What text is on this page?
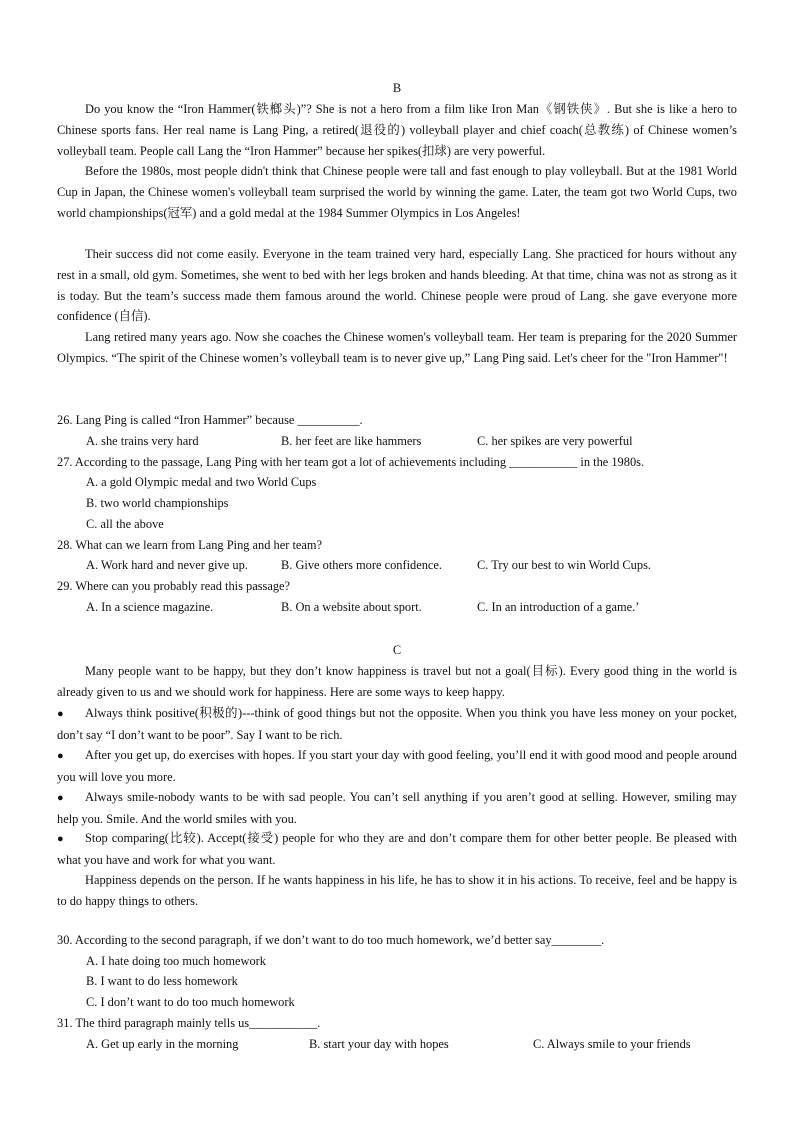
B

Do you know the “Iron Hammer(铁榔头)”? She is not a hero from a film like Iron Man《钢铁侠》. But she is like a hero to Chinese sports fans. Her real name is Lang Ping, a retired(退役的) volleyball player and chief coach(总教练) of Chinese women’s volleyball team. People call Lang the “Iron Hammer” because her spikes(扣球) are very powerful.

Before the 1980s, most people didn't think that Chinese people were tall and fast enough to play volleyball. But at the 1981 World Cup in Japan, the Chinese women's volleyball team surprised the world by winning the game. Later, the team got two World Cups, two world championships(冠军) and a gold medal at the 1984 Summer Olympics in Los Angeles!

Their success did not come easily. Everyone in the team trained very hard, especially Lang. She practiced for hours without any rest in a small, old gym. Sometimes, she went to bed with her legs broken and hands bleeding. At that time, china was not as strong as it is today. But the team’s success made them famous around the world. Chinese people were proud of Lang. she gave everyone more confidence (自信).

Lang retired many years ago. Now she coaches the Chinese women's volleyball team. Her team is preparing for the 2020 Summer Olympics. “The spirit of the Chinese women’s volleyball team is to never give up,” Lang Ping said. Let's cheer for the "Iron Hammer"!

26. Lang Ping is called “Iron Hammer” because __________.
A. she trains very hard	B. her feet are like hammers	C. her spikes are very powerful
27. According to the passage, Lang Ping with her team got a lot of achievements including ___________ in the 1980s.
A. a gold Olympic medal and two World Cups
B. two world championships
C. all the above
28. What can we learn from Lang Ping and her team?
A. Work hard and never give up.	B. Give others more confidence.	C. Try our best to win World Cups.
29. Where can you probably read this passage?
A. In a science magazine.	B. On a website about sport.	C. In an introduction of a game.’
C

Many people want to be happy, but they don’t know happiness is travel but not a goal(目标). Every good thing in the world is already given to us and we should work for happiness. Here are some ways to keep happy.

●Always think positive(积极的)---think of good things but not the opposite. When you think you have less money on your pocket, don’t say “I don’t want to be poor”. Say I want to be rich.

●After you get up, do exercises with hopes. If you start your day with good feeling, you’ll end it with good mood and people around you will love you more.

●Always smile-nobody wants to be with sad people. You can’t sell anything if you aren’t good at selling. However, smiling may help you. Smile. And the world smiles with you.

●Stop comparing(比较). Accept(接受) people for who they are and don’t compare them for other better people. Be pleased with what you have and work for what you want.

Happiness depends on the person. If he wants happiness in his life, he has to show it in his actions. To receive, feel and be happy is to do happy things to others.

30. According to the second paragraph, if we don’t want to do too much homework, we’d better say________.
A. I hate doing too much homework
B. I want to do less homework
C. I don’t want to do too much homework
31. The third paragraph mainly tells us___________.
A. Get up early in the morning	B. start your day with hopes	C. Always smile to your friends
